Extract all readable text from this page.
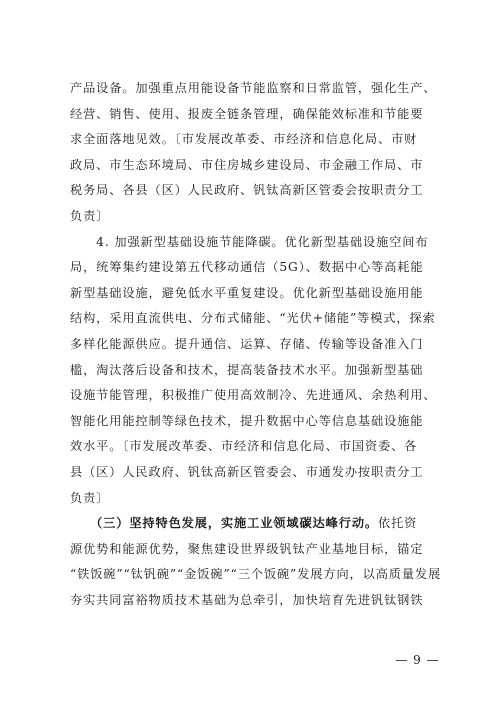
产品设备。加强重点用能设备节能监察和日常监管，强化生产、

经营、销售、使用、报废全链条管理，确保能效标准和节能要

求全面落地见效。〔市发展改革委、市经济和信息化局、市财

政局、市生态环境局、市住房城乡建设局、市金融工作局、市

税务局、各县（区）人民政府、钒钛高新区管委会按职责分工

负责〕

　　4. 加强新型基础设施节能降碳。优化新型基础设施空间布

局，统筹集约建设第五代移动通信（5G）、数据中心等高耗能

新型基础设施，避免低水平重复建设。优化新型基础设施用能

结构，采用直流供电、分布式储能、“光伏+储能”等模式，探索

多样化能源供应。提升通信、运算、存储、传输等设备准入门

槛，淘汰落后设备和技术，提高装备技术水平。加强新型基础

设施节能管理，积极推广使用高效制冷、先进通风、余热利用、

智能化用能控制等绿色技术，提升数据中心等信息基础设施能

效水平。〔市发展改革委、市经济和信息化局、市国资委、各

县（区）人民政府、钒钛高新区管委会、市通发办按职责分工

负责〕

　　（三）坚持特色发展，实施工业领域碳达峰行动。依托资

源优势和能源优势，聚焦建设世界级钒钛产业基地目标，锚定

“铁饭碗”“钛钒碗”“金饭碗”“三个饭碗”发展方向，以高质量发展

夯实共同富裕物质技术基础为总牵引，加快培育先进钒钛钢铁

— 9 —
